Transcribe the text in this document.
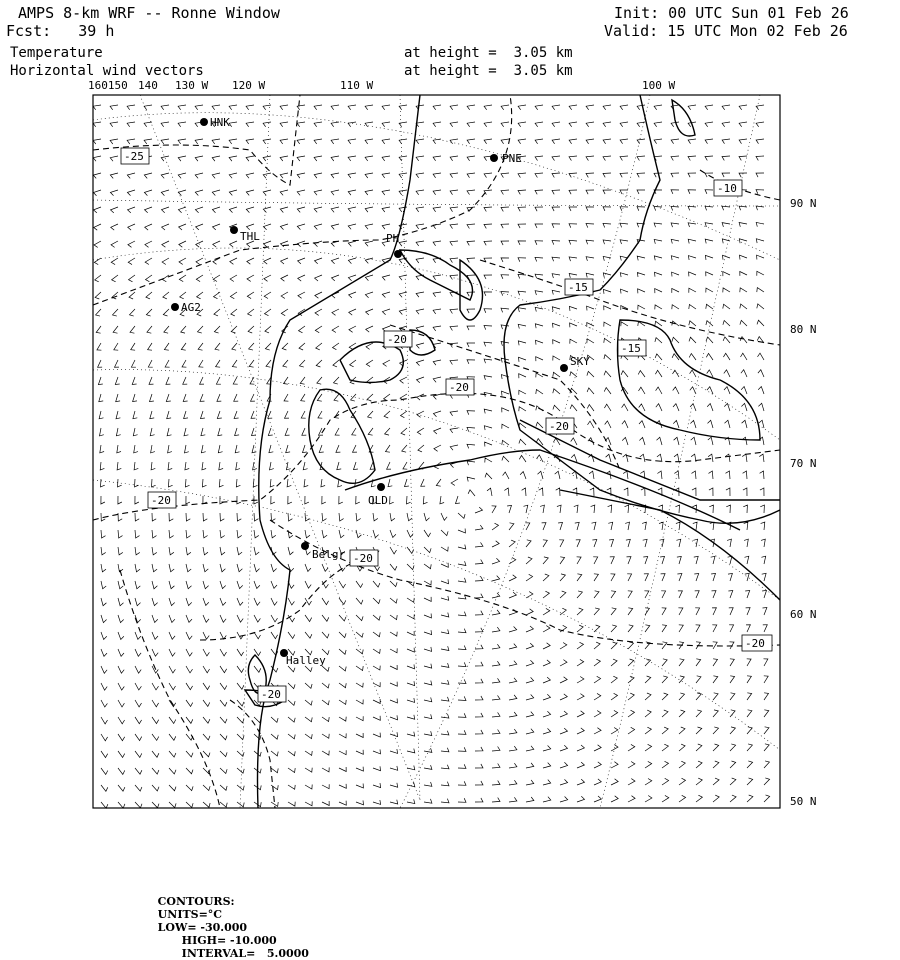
AMPS 8-km WRF -- Ronne Window	Init: 00 UTC Sun 01 Feb 26
Fcst:   39 h	Valid: 15 UTC Mon 02 Feb 26
Temperature	at height =  3.05 km
Horizontal wind vectors	at height =  3.05 km
160150 140 130 W 120 W	110 W	100 W
90 N
80 N
70 N
60 N
50 N
-25
-10
-15
-20
-20
-15
-20
-20
-20
-20
-20
HNK
PNE
THL	PH
AG2
SKY
OLD
Belgr
Halley

CONTOURS:
UNITS=°C
LOW= -30.000
HIGH= -10.000
INTERVAL=   5.0000
